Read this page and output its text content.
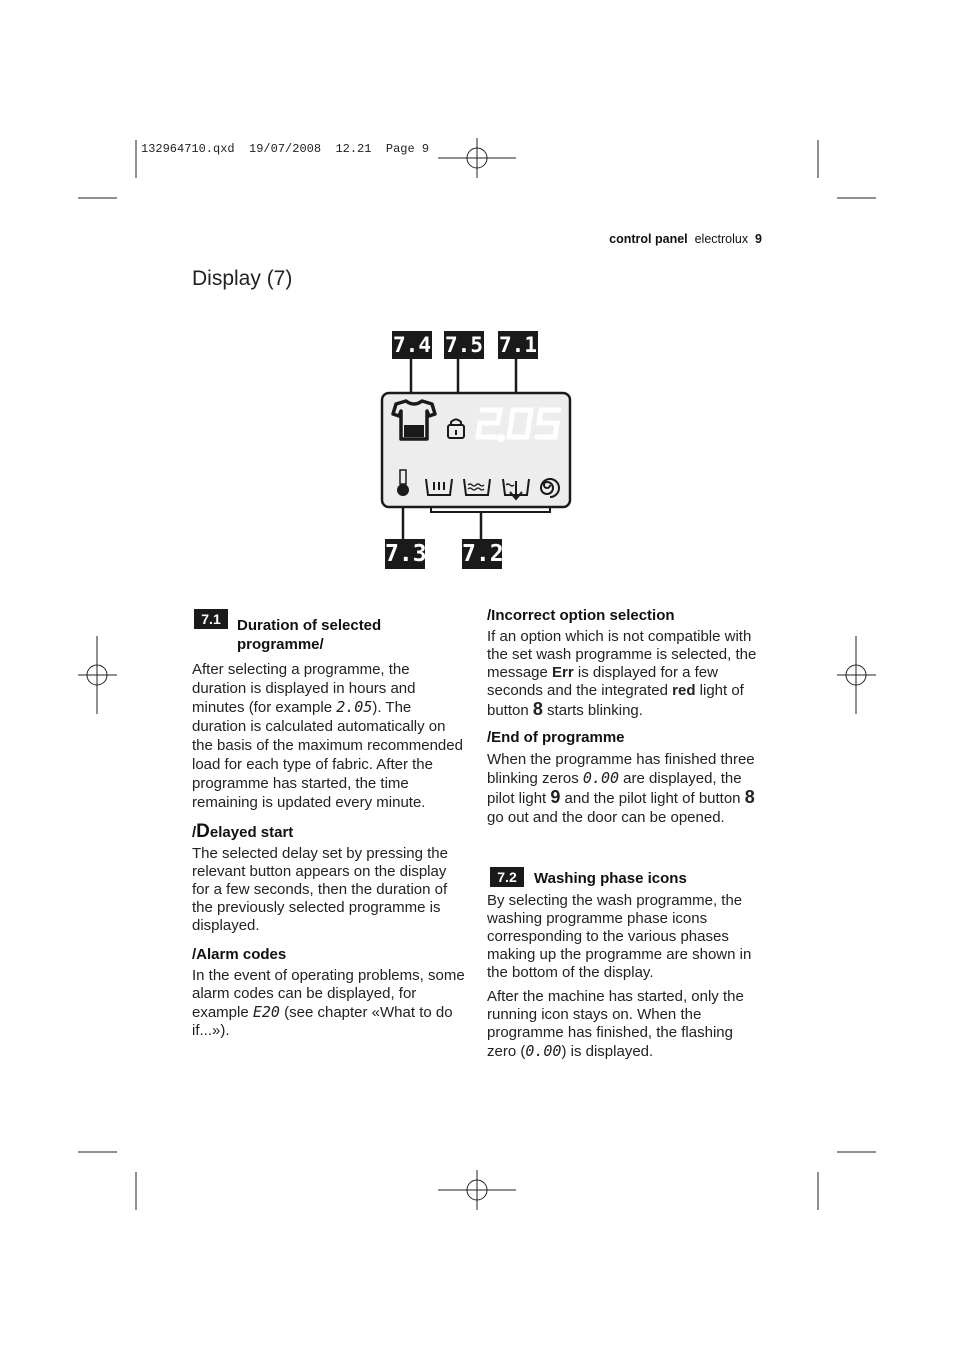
132964710.qxd 19/07/2008 12.21 Page 9
control panel electrolux 9
Display (7)
7.4 7.5 7.1
7.3 7.2
7.1	Duration of selected programme/

After selecting a programme, the duration is displayed in hours and minutes (for example 2.05). The duration is calculated automatically on the basis of the maximum recommended load for each type of fabric. After the programme has started, the time remaining is updated every minute.

/Delayed start

The selected delay set by pressing the relevant button appears on the display for a few seconds, then the duration of the previously selected programme is displayed.

/Alarm codes

In the event of operating problems, some alarm codes can be displayed, for example E20 (see chapter «What to do if...»).

/Incorrect option selection

If an option which is not compatible with the set wash programme is selected, the message Err is displayed for a few seconds and the integrated red light of button 8 starts blinking.

/End of programme

When the programme has finished three blinking zeros 0.00 are displayed, the pilot light 9 and the pilot light of button 8 go out and the door can be opened.

7.2	Washing phase icons

By selecting the wash programme, the washing programme phase icons corresponding to the various phases making up the programme are shown in the bottom of the display.

After the machine has started, only the running icon stays on. When the programme has finished, the flashing zero (0.00) is displayed.
